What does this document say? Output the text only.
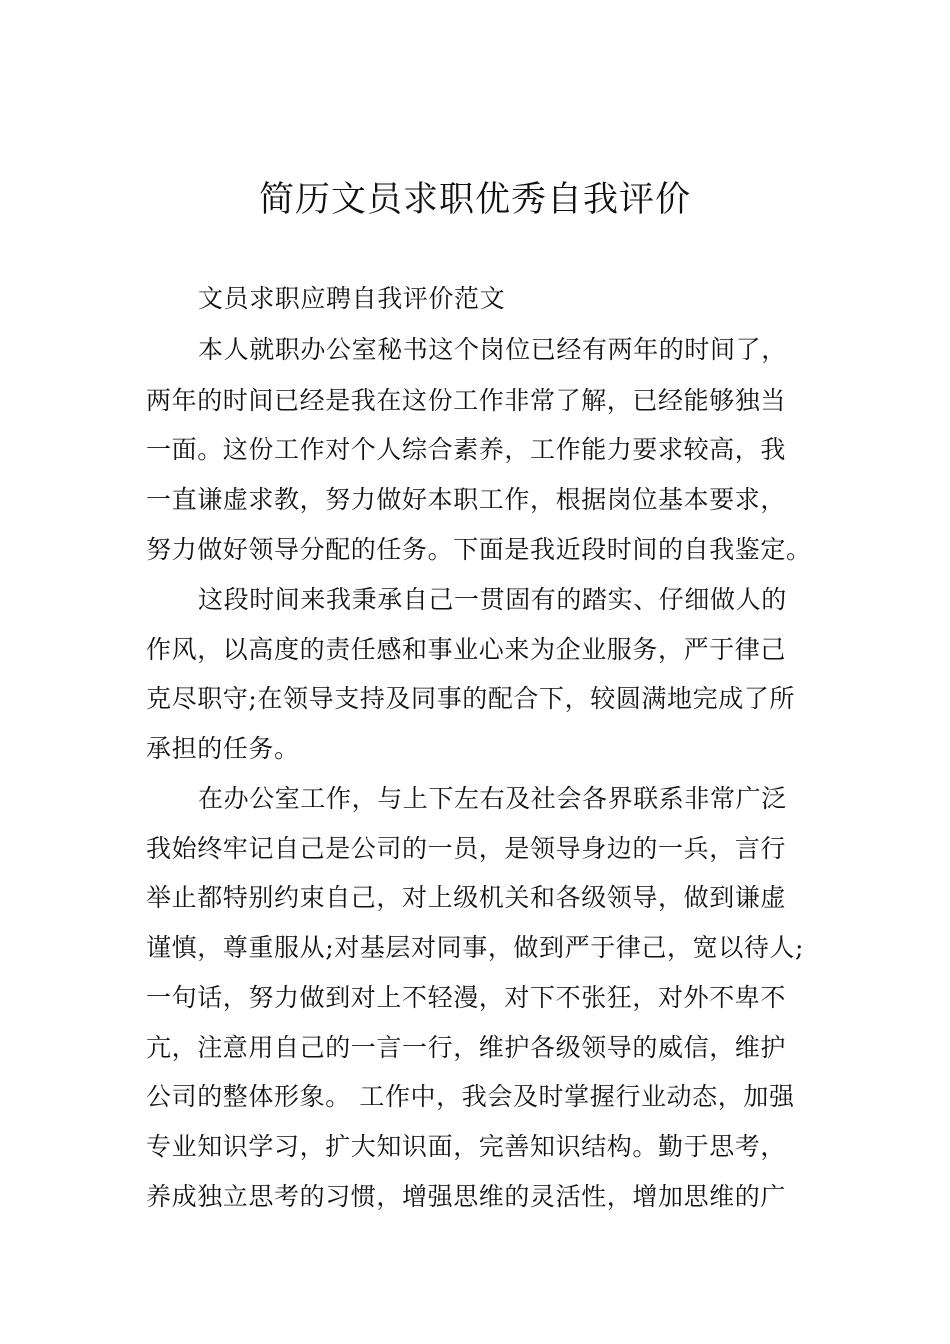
简历文员求职优秀自我评价
文员求职应聘自我评价范文
本人就职办公室秘书这个岗位已经有两年的时间了，
两年的时间已经是我在这份工作非常了解，已经能够独当
一面。这份工作对个人综合素养，工作能力要求较高，我
一直谦虚求教，努力做好本职工作，根据岗位基本要求，
努力做好领导分配的任务。下面是我近段时间的自我鉴定。
这段时间来我秉承自己一贯固有的踏实、仔细做人的
作风，以高度的责任感和事业心来为企业服务，严于律己
克尽职守;在领导支持及同事的配合下，较圆满地完成了所
承担的任务。
在办公室工作，与上下左右及社会各界联系非常广泛
我始终牢记自己是公司的一员，是领导身边的一兵，言行
举止都特别约束自己，对上级机关和各级领导，做到谦虚
谨慎，尊重服从;对基层对同事，做到严于律己，宽以待人;
一句话，努力做到对上不轻漫，对下不张狂，对外不卑不
亢，注意用自己的一言一行，维护各级领导的威信，维护
公司的整体形象。 工作中，我会及时掌握行业动态，加强
专业知识学习，扩大知识面，完善知识结构。勤于思考，
养成独立思考的习惯，增强思维的灵活性，增加思维的广
